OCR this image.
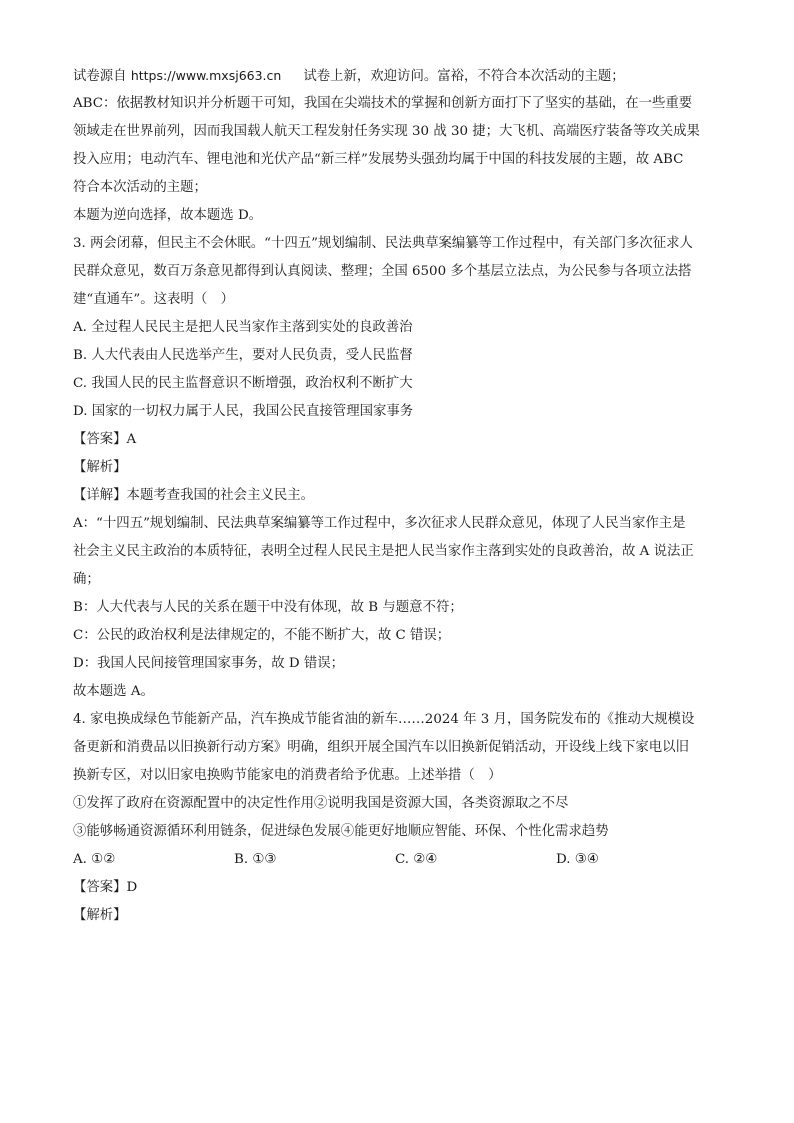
试卷源自 https://www.mxsj663.cn 试卷上新，欢迎访问。富裕，不符合本次活动的主题；
ABC：依据教材知识并分析题干可知，我国在尖端技术的掌握和创新方面打下了坚实的基础，在一些重要
领域走在世界前列，因而我国载人航天工程发射任务实现 30 战 30 捷；大飞机、高端医疗装备等攻关成果
投入应用；电动汽车、锂电池和光伏产品“新三样”发展势头强劲均属于中国的科技发展的主题，故 ABC
符合本次活动的主题；
本题为逆向选择，故本题选 D。
3. 两会闭幕，但民主不会休眠。“十四五”规划编制、民法典草案编纂等工作过程中，有关部门多次征求人
民群众意见，数百万条意见都得到认真阅读、整理；全国 6500 多个基层立法点，为公民参与各项立法搭
建“直通车”。这表明（　）
A. 全过程人民民主是把人民当家作主落到实处的良政善治
B. 人大代表由人民选举产生，要对人民负责，受人民监督
C. 我国人民的民主监督意识不断增强，政治权利不断扩大
D. 国家的一切权力属于人民，我国公民直接管理国家事务
【答案】A
【解析】
【详解】本题考查我国的社会主义民主。
A：“十四五”规划编制、民法典草案编纂等工作过程中，多次征求人民群众意见，体现了人民当家作主是
社会主义民主政治的本质特征，表明全过程人民民主是把人民当家作主落到实处的良政善治，故 A 说法正
确；
B：人大代表与人民的关系在题干中没有体现，故 B 与题意不符；
C：公民的政治权利是法律规定的，不能不断扩大，故 C 错误；
D：我国人民间接管理国家事务，故 D 错误；
故本题选 A。
4. 家电换成绿色节能新产品，汽车换成节能省油的新车……2024 年 3 月，国务院发布的《推动大规模设
备更新和消费品以旧换新行动方案》明确，组织开展全国汽车以旧换新促销活动，开设线上线下家电以旧
换新专区，对以旧家电换购节能家电的消费者给予优惠。上述举措（　）
①发挥了政府在资源配置中的决定性作用②说明我国是资源大国，各类资源取之不尽
③能够畅通资源循环利用链条，促进绿色发展④能更好地顺应智能、环保、个性化需求趋势
A. ①②	B. ①③	C. ②④	D. ③④
【答案】D
【解析】
